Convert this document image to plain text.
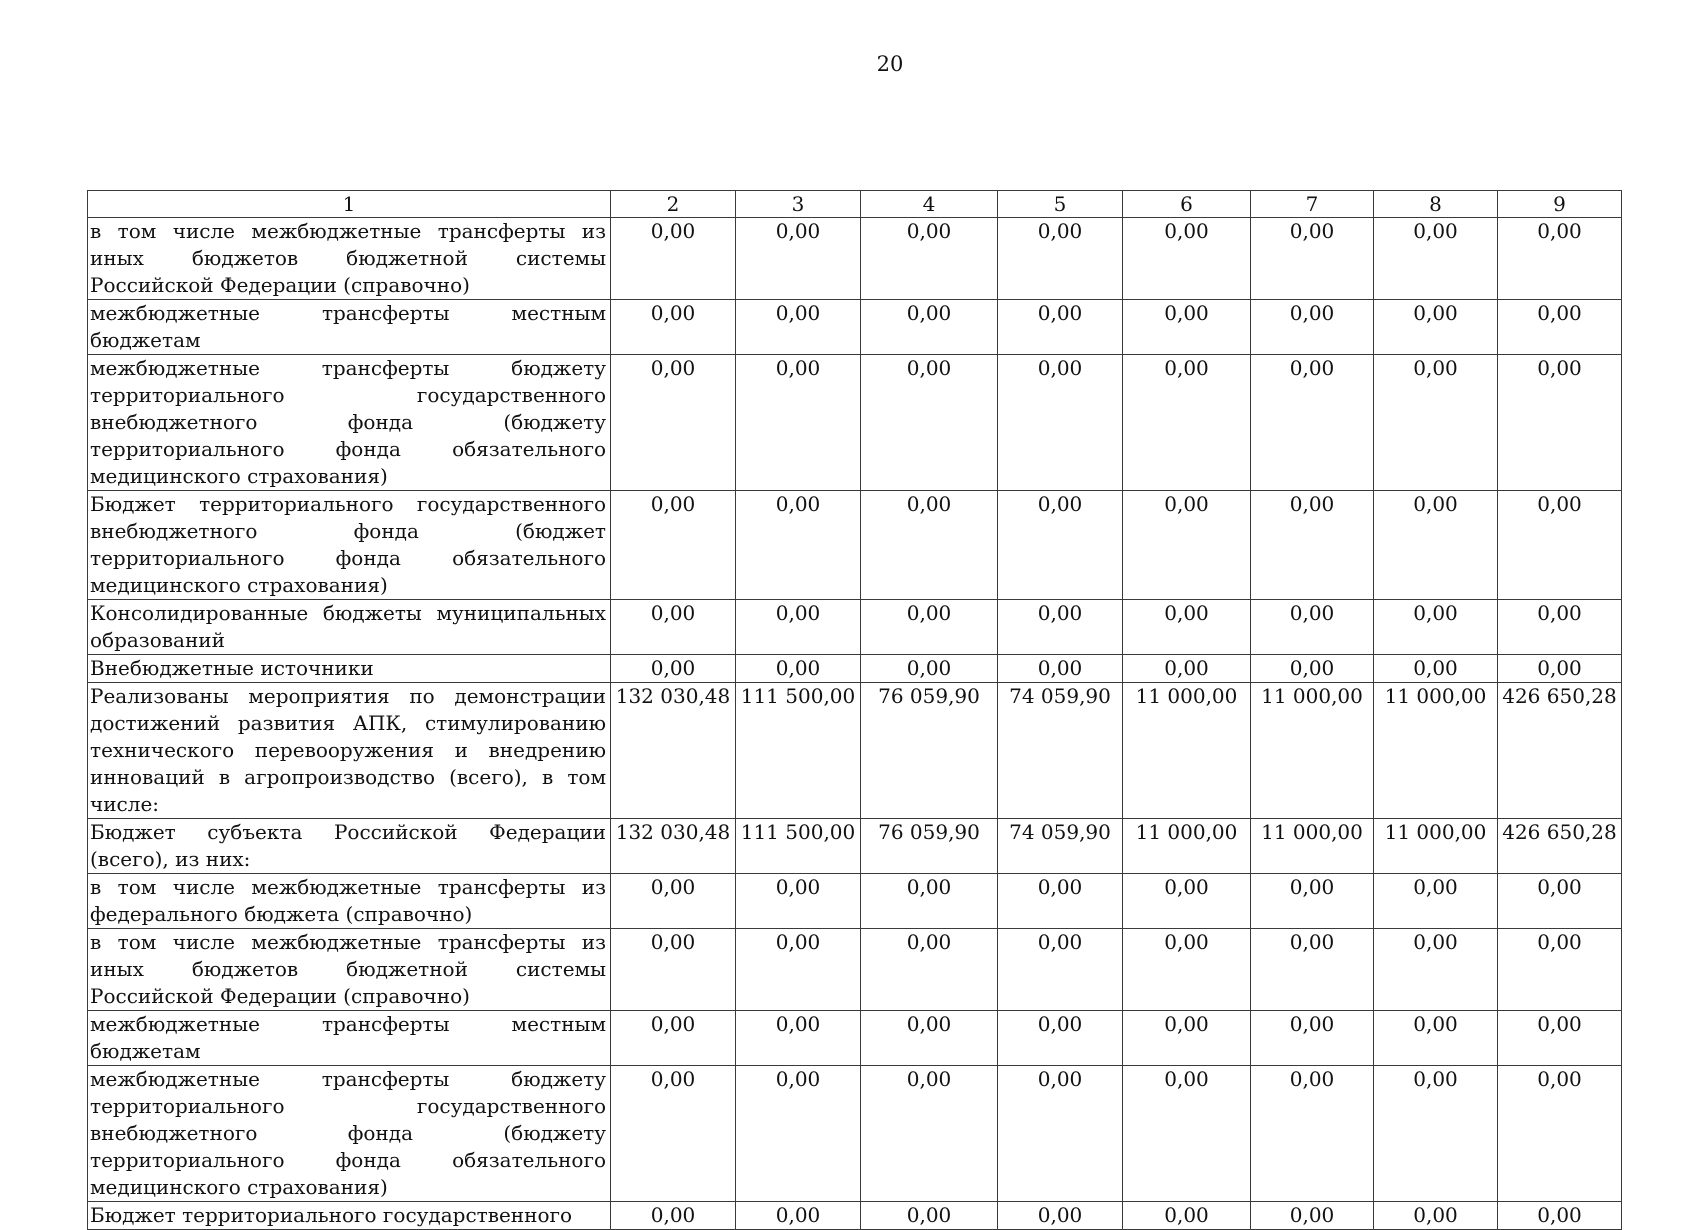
20
1	2	3	4	5	6	7	8	9
в том числе межбюджетные трансферты из иных бюджетов бюджетной системы Российской Федерации (справочно)	0,00	0,00	0,00	0,00	0,00	0,00	0,00	0,00
межбюджетные трансферты местным бюджетам	0,00	0,00	0,00	0,00	0,00	0,00	0,00	0,00
межбюджетные трансферты бюджету территориального государственного внебюджетного фонда (бюджету территориального фонда обязательного медицинского страхования)	0,00	0,00	0,00	0,00	0,00	0,00	0,00	0,00
Бюджет территориального государственного внебюджетного фонда (бюджет территориального фонда обязательного медицинского страхования)	0,00	0,00	0,00	0,00	0,00	0,00	0,00	0,00
Консолидированные бюджеты муниципальных образований	0,00	0,00	0,00	0,00	0,00	0,00	0,00	0,00
Внебюджетные источники	0,00	0,00	0,00	0,00	0,00	0,00	0,00	0,00
Реализованы мероприятия по демонстрации достижений развития АПК, стимулированию технического перевооружения и внедрению инноваций в агропроизводство (всего), в том числе:	132 030,48	111 500,00	76 059,90	74 059,90	11 000,00	11 000,00	11 000,00	426 650,28
Бюджет субъекта Российской Федерации (всего), из них:	132 030,48	111 500,00	76 059,90	74 059,90	11 000,00	11 000,00	11 000,00	426 650,28
в том числе межбюджетные трансферты из федерального бюджета (справочно)	0,00	0,00	0,00	0,00	0,00	0,00	0,00	0,00
в том числе межбюджетные трансферты из иных бюджетов бюджетной системы Российской Федерации (справочно)	0,00	0,00	0,00	0,00	0,00	0,00	0,00	0,00
межбюджетные трансферты местным бюджетам	0,00	0,00	0,00	0,00	0,00	0,00	0,00	0,00
межбюджетные трансферты бюджету территориального государственного внебюджетного фонда (бюджету территориального фонда обязательного медицинского страхования)	0,00	0,00	0,00	0,00	0,00	0,00	0,00	0,00
Бюджет территориального государственного	0,00	0,00	0,00	0,00	0,00	0,00	0,00	0,00
